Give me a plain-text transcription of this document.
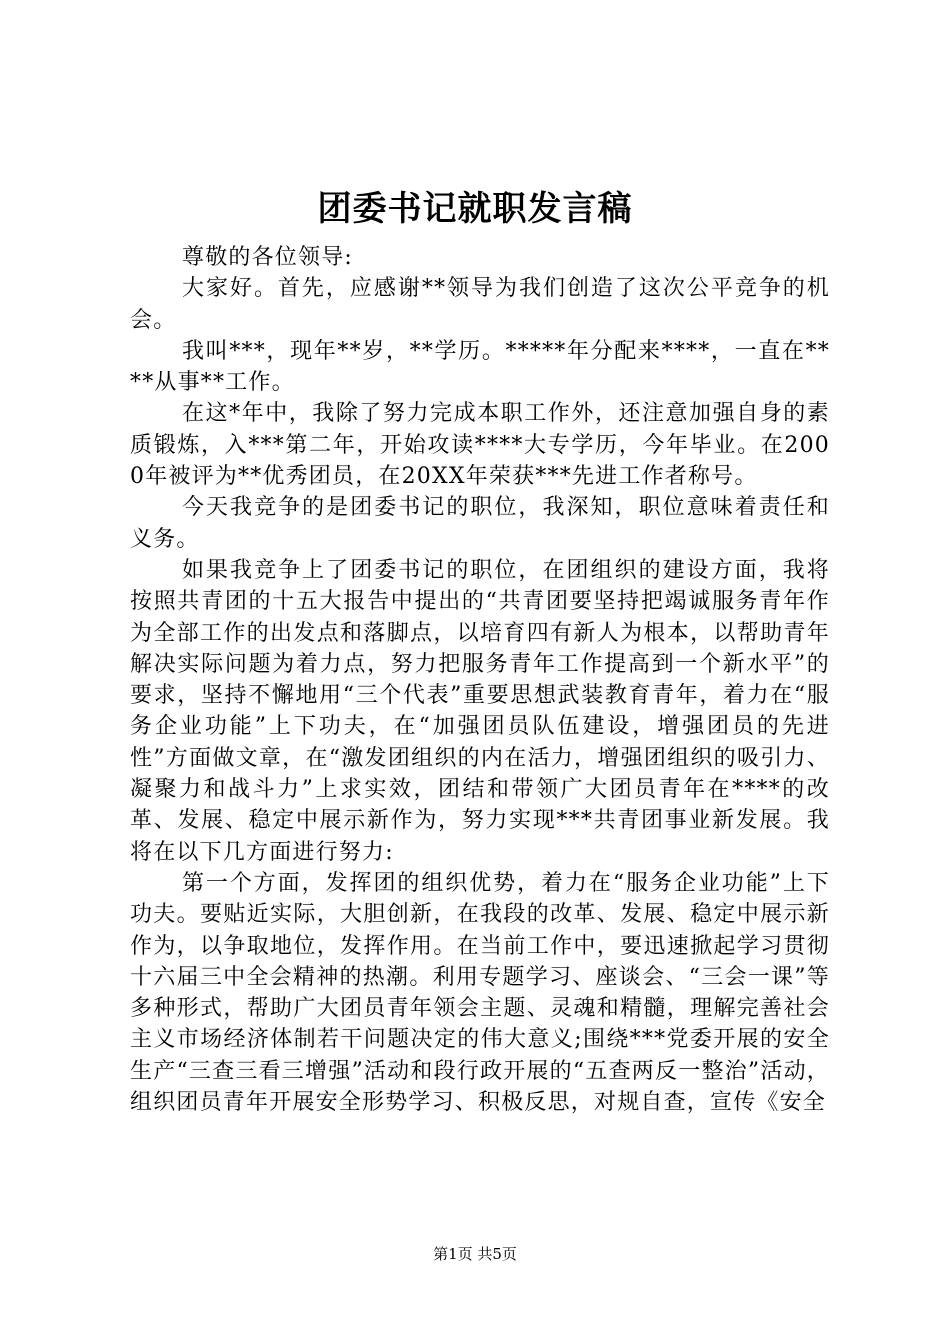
团委书记就职发言稿

尊敬的各位领导:

大家好。首先，应感谢**领导为我们创造了这次公平竞争的机会。

我叫***，现年**岁，**学历。*****年分配来****，一直在****从事**工作。

在这*年中，我除了努力完成本职工作外，还注意加强自身的素质锻炼，入***第二年，开始攻读****大专学历，今年毕业。在2000年被评为**优秀团员，在20XX年荣获***先进工作者称号。

今天我竞争的是团委书记的职位，我深知，职位意味着责任和义务。

如果我竞争上了团委书记的职位，在团组织的建设方面，我将按照共青团的十五大报告中提出的“共青团要坚持把竭诚服务青年作为全部工作的出发点和落脚点，以培育四有新人为根本，以帮助青年解决实际问题为着力点，努力把服务青年工作提高到一个新水平”的要求，坚持不懈地用“三个代表”重要思想武装教育青年，着力在“服务企业功能”上下功夫，在“加强团员队伍建设，增强团员的先进性”方面做文章，在“激发团组织的内在活力，增强团组织的吸引力、凝聚力和战斗力”上求实效，团结和带领广大团员青年在****的改革、发展、稳定中展示新作为，努力实现***共青团事业新发展。我将在以下几方面进行努力:

第一个方面，发挥团的组织优势，着力在“服务企业功能”上下功夫。要贴近实际，大胆创新，在我段的改革、发展、稳定中展示新作为，以争取地位，发挥作用。在当前工作中，要迅速掀起学习贯彻十六届三中全会精神的热潮。利用专题学习、座谈会、“三会一课”等多种形式，帮助广大团员青年领会主题、灵魂和精髓，理解完善社会主义市场经济体制若干问题决定的伟大意义;围绕***党委开展的安全生产“三查三看三增强”活动和段行政开展的“五查两反一整治”活动，组织团员青年开展安全形势学习、积极反思，对规自查，宣传《安全

第1页 共5页
